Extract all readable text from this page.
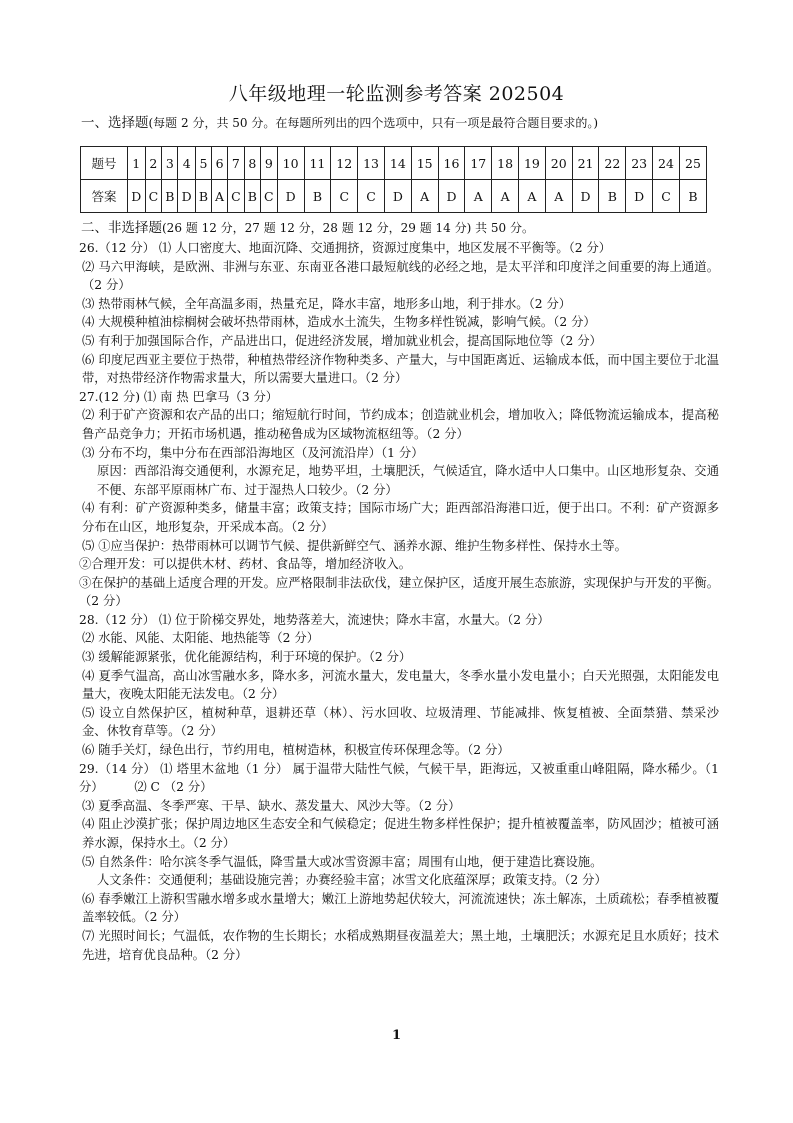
八年级地理一轮监测参考答案 202504
一、选择题(每题 2 分，共 50 分。在每题所列出的四个选项中，只有一项是最符合题目要求的。)
题号	1	2	3	4	5	6	7	8	9	10	11	12	13	14	15	16	17	18	19	20	21	22	23	24	25
答案	D	C	B	D	B	A	C	B	C	D	B	C	C	D	A	D	A	A	A	A	D	B	D	C	B
二、非选择题(26 题 12 分，27 题 12 分，28 题 12 分，29 题 14 分) 共 50 分。

26.（12 分） ⑴ 人口密度大、地面沉降、交通拥挤，资源过度集中，地区发展不平衡等。（2 分）

⑵ 马六甲海峡，是欧洲、非洲与东亚、东南亚各港口最短航线的必经之地，是太平洋和印度洋之间重要的海上通道。（2 分）

⑶ 热带雨林气候，全年高温多雨，热量充足，降水丰富，地形多山地，利于排水。（2 分）

⑷ 大规模种植油棕榈树会破坏热带雨林，造成水土流失，生物多样性锐减，影响气候。（2 分）

⑸ 有利于加强国际合作，产品进出口，促进经济发展，增加就业机会，提高国际地位等（2 分）

⑹ 印度尼西亚主要位于热带，种植热带经济作物种类多、产量大，与中国距离近、运输成本低，而中国主要位于北温带，对热带经济作物需求量大，所以需要大量进口。（2 分）

27.(12 分) ⑴ 南 热 巴拿马（3 分）

⑵ 利于矿产资源和农产品的出口；缩短航行时间，节约成本；创造就业机会，增加收入；降低物流运输成本，提高秘鲁产品竞争力；开拓市场机遇，推动秘鲁成为区域物流枢纽等。（2 分）

⑶ 分布不均，集中分布在西部沿海地区（及河流沿岸）（1 分）

原因：西部沿海交通便利，水源充足，地势平坦，土壤肥沃，气候适宜，降水适中人口集中。山区地形复杂、交通不便、东部平原雨林广布、过于湿热人口较少。（2 分）

⑷ 有利：矿产资源种类多，储量丰富；政策支持；国际市场广大；距西部沿海港口近，便于出口。不利：矿产资源多分布在山区，地形复杂，开采成本高。（2 分）

⑸ ①应当保护：热带雨林可以调节气候、提供新鲜空气、涵养水源、维护生物多样性、保持水土等。

②合理开发：可以提供木材、药材、食品等，增加经济收入。

③在保护的基础上适度合理的开发。应严格限制非法砍伐，建立保护区，适度开展生态旅游，实现保护与开发的平衡。（2 分）

28.（12 分） ⑴ 位于阶梯交界处，地势落差大，流速快；降水丰富，水量大。（2 分）

⑵ 水能、风能、太阳能、地热能等（2 分）

⑶ 缓解能源紧张，优化能源结构，利于环境的保护。（2 分）

⑷ 夏季气温高，高山冰雪融水多，降水多，河流水量大，发电量大，冬季水量小发电量小；白天光照强，太阳能发电量大，夜晚太阳能无法发电。（2 分）

⑸ 设立自然保护区，植树种草，退耕还草（林）、污水回收、垃圾清理、节能减排、恢复植被、全面禁猎、禁采沙金、休牧育草等。（2 分）

⑹ 随手关灯，绿色出行，节约用电，植树造林，积极宣传环保理念等。（2 分）

29.（14 分） ⑴ 塔里木盆地（1 分） 属于温带大陆性气候，气候干旱，距海远，又被重重山峰阻隔，降水稀少。（1 分）　　　⑵ C （2 分）

⑶ 夏季高温、冬季严寒、干旱、缺水、蒸发量大、风沙大等。（2 分）

⑷ 阻止沙漠扩张；保护周边地区生态安全和气候稳定；促进生物多样性保护；提升植被覆盖率，防风固沙；植被可涵养水源，保持水土。（2 分）

⑸ 自然条件：哈尔滨冬季气温低，降雪量大或冰雪资源丰富；周围有山地，便于建造比赛设施。

人文条件：交通便利；基础设施完善；办赛经验丰富；冰雪文化底蕴深厚；政策支持。（2 分）

⑹ 春季嫩江上游积雪融水增多或水量增大；嫩江上游地势起伏较大，河流流速快；冻土解冻，土质疏松；春季植被覆盖率较低。（2 分）

⑺ 光照时间长；气温低，农作物的生长期长；水稻成熟期昼夜温差大；黑土地，土壤肥沃；水源充足且水质好；技术先进，培育优良品种。（2 分）

1
